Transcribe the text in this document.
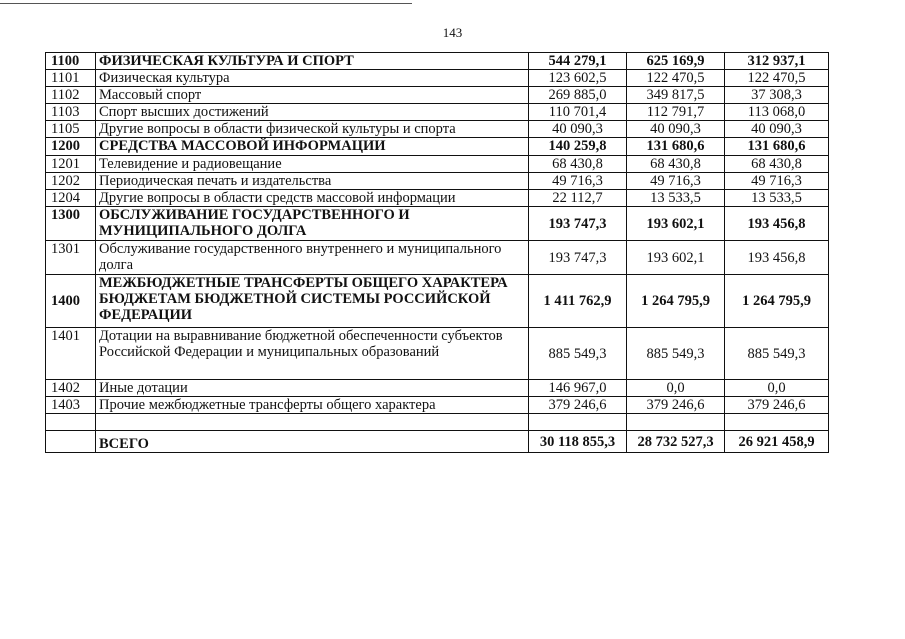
143
1100	ФИЗИЧЕСКАЯ КУЛЬТУРА И СПОРТ	544 279,1	625 169,9	312 937,1
1101	Физическая культура	123 602,5	122 470,5	122 470,5
1102	Массовый спорт	269 885,0	349 817,5	37 308,3
1103	Спорт высших достижений	110 701,4	112 791,7	113 068,0
1105	Другие вопросы в области физической культуры и спорта	40 090,3	40 090,3	40 090,3
1200	СРЕДСТВА МАССОВОЙ ИНФОРМАЦИИ	140 259,8	131 680,6	131 680,6
1201	Телевидение и радиовещание	68 430,8	68 430,8	68 430,8
1202	Периодическая печать и издательства	49 716,3	49 716,3	49 716,3
1204	Другие вопросы в области средств массовой информации	22 112,7	13 533,5	13 533,5
1300	ОБСЛУЖИВАНИЕ ГОСУДАРСТВЕННОГО И МУНИЦИПАЛЬНОГО ДОЛГА	193 747,3	193 602,1	193 456,8
1301	Обслуживание государственного внутреннего и муниципального долга	193 747,3	193 602,1	193 456,8
1400	МЕЖБЮДЖЕТНЫЕ ТРАНСФЕРТЫ ОБЩЕГО ХАРАКТЕРА БЮДЖЕТАМ БЮДЖЕТНОЙ СИСТЕМЫ РОССИЙСКОЙ ФЕДЕРАЦИИ	1 411 762,9	1 264 795,9	1 264 795,9
1401	Дотации на выравнивание бюджетной обеспеченности субъектов Российской Федерации и муниципальных образований	885 549,3	885 549,3	885 549,3
1402	Иные дотации	146 967,0	0,0	0,0
1403	Прочие межбюджетные трансферты общего характера	379 246,6	379 246,6	379 246,6

	ВСЕГО	30 118 855,3	28 732 527,3	26 921 458,9
